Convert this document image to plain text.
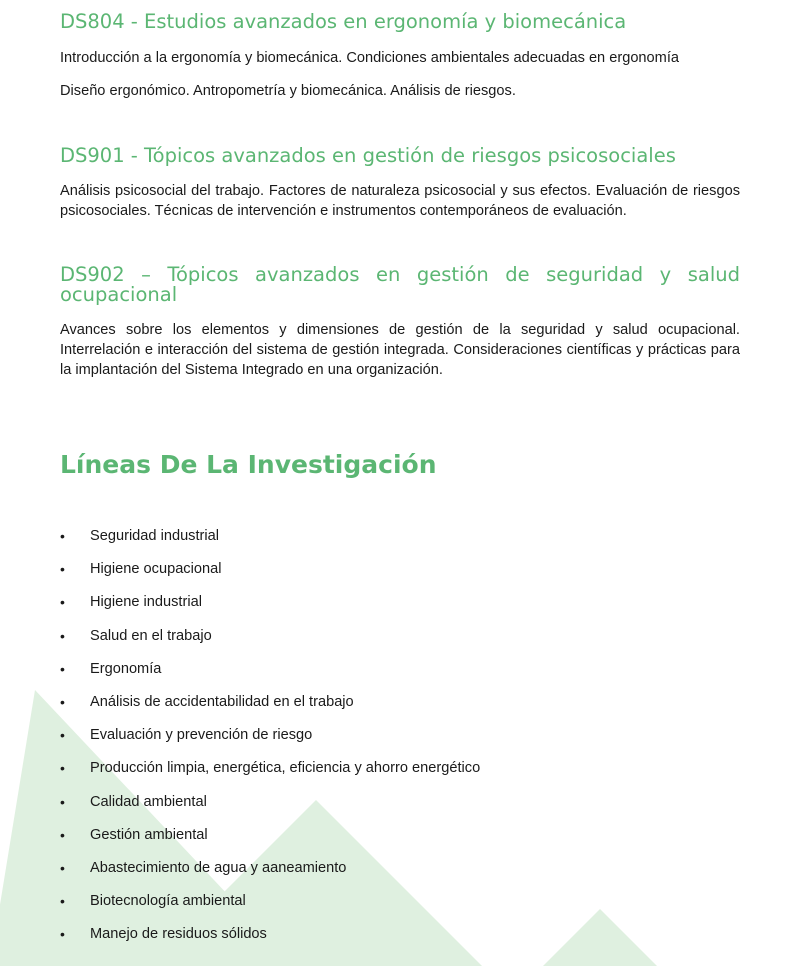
DS804 - Estudios avanzados en ergonomía y biomecánica

Introducción a la ergonomía y biomecánica. Condiciones ambientales adecuadas en ergonomía

Diseño ergonómico. Antropometría y biomecánica. Análisis de riesgos.

DS901 - Tópicos avanzados en gestión de riesgos psicosociales

Análisis psicosocial del trabajo. Factores de naturaleza psicosocial y sus efectos. Evaluación de riesgos psicosociales. Técnicas de intervención e instrumentos contemporáneos de evaluación.

DS902 – Tópicos avanzados en gestión de seguridad y salud ocupacional

Avances sobre los elementos y dimensiones de gestión de la seguridad y salud ocupacional. Interrelación e interacción del sistema de gestión integrada. Consideraciones científicas y prácticas para la implantación del Sistema Integrado en una organización.

Líneas De La Investigación
• Seguridad industrial
• Higiene ocupacional
• Higiene industrial
• Salud en el trabajo
• Ergonomía
• Análisis de accidentabilidad en el trabajo
• Evaluación y prevención de riesgo
• Producción limpia, energética, eficiencia y ahorro energético
• Calidad ambiental
• Gestión ambiental
• Abastecimiento de agua y aaneamiento
• Biotecnología ambiental
• Manejo de residuos sólidos
